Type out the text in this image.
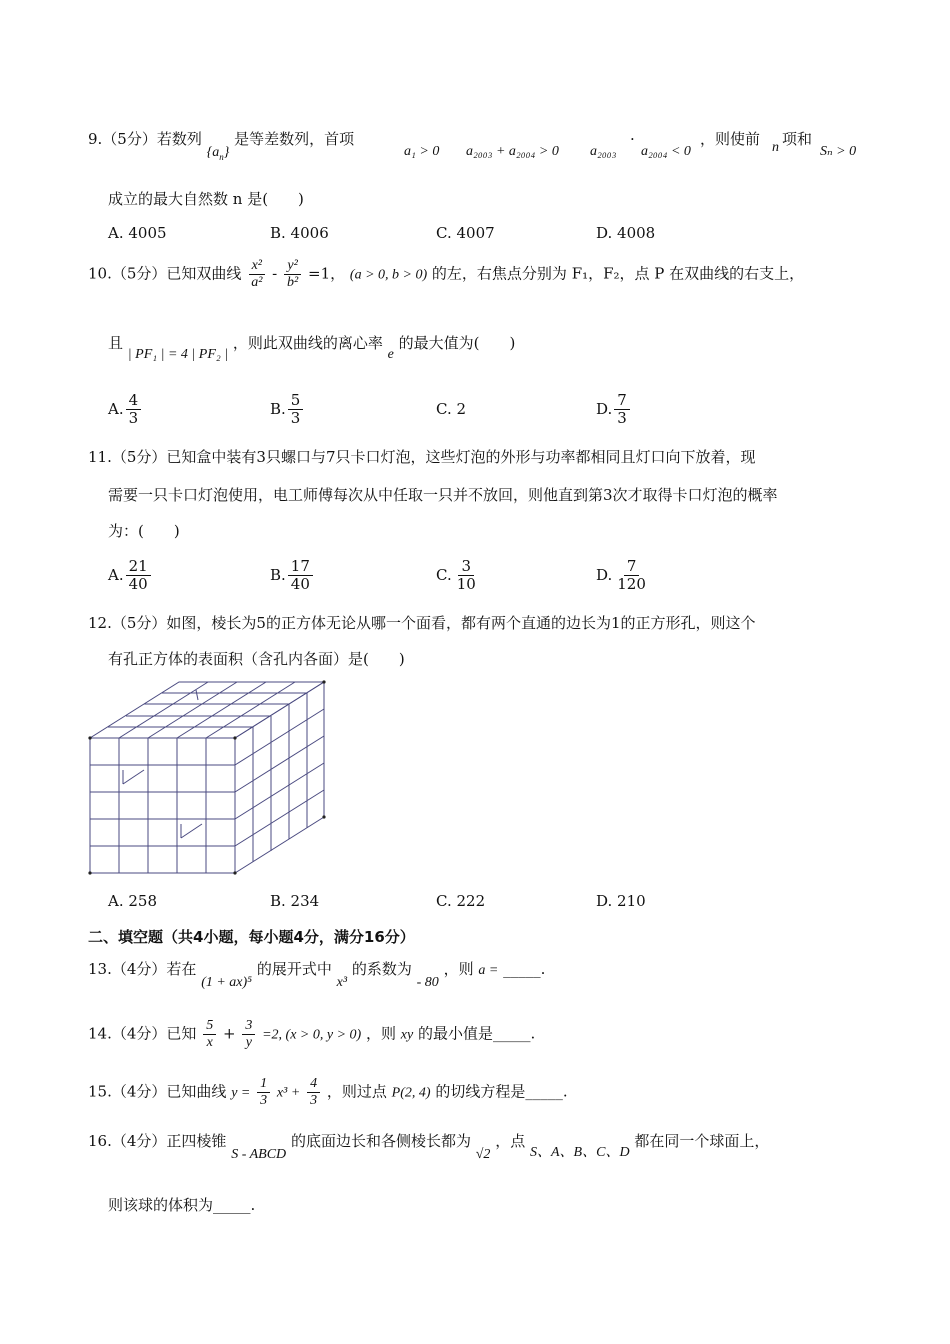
9.（5分）若数列 $\{a_n\}$ 是等差数列，首项
a₁ > 0 a₂₀₀₃ + a₂₀₀₄ > 0 a₂₀₀₃
·
a₂₀₀₄ < 0
，则使前 n 项和
Sₙ > 0
成立的最大自然数 n 是(　　)
A. 4005	B. 4006	C. 4007	D. 4008
10.（5分）已知双曲线 $\frac{\text{x²}}{\text{a²}} - \frac{\text{y²}}{\text{b²}} =1$， (a > 0, b > 0) 的左，右焦点分别为 F₁，F₂，点 P 在双曲线的右支上，
且 | PF₁ | = 4 | PF₂ | ，则此双曲线的离心率 e 的最大值为(　　)
A. $\frac{4}{3}$	B. $\frac{5}{3}$	C. 2	D. $\frac{7}{3}$
11.（5分）已知盒中装有3只螺口与7只卡口灯泡，这些灯泡的外形与功率都相同且灯口向下放着，现
需要一只卡口灯泡使用，电工师傅每次从中任取一只并不放回，则他直到第3次才取得卡口灯泡的概率
为：(　　)
A. $\frac{21}{40}$	B. $\frac{17}{40}$	C. $\frac{3}{10}$	D. $\frac{7}{120}$
12.（5分）如图，棱长为5的正方体无论从哪一个面看，都有两个直通的边长为1的正方形孔，则这个
有孔正方体的表面积（含孔内各面）是(　　)
A. 258	B. 234	C. 222	D. 210
二、填空题（共4小题，每小题4分，满分16分）
13.（4分）若在 (1 + ax)⁵ 的展开式中 x³ 的系数为 - 80 ，则 a = _____.
14.（4分）已知 $\frac{5}{x} + \frac{3}{y} =2$, (x > 0, y > 0) ，则 xy 的最小值是_____.
15.（4分）已知曲线 $y = \frac{1}{3} x^3 + \frac{4}{3}$ ，则过点 P(2, 4) 的切线方程是_____.
16.（4分）正四棱锥 S - ABCD 的底面边长和各侧棱长都为 √2 ，点 S、A、B、C、D 都在同一个球面上，
则该球的体积为_____.
